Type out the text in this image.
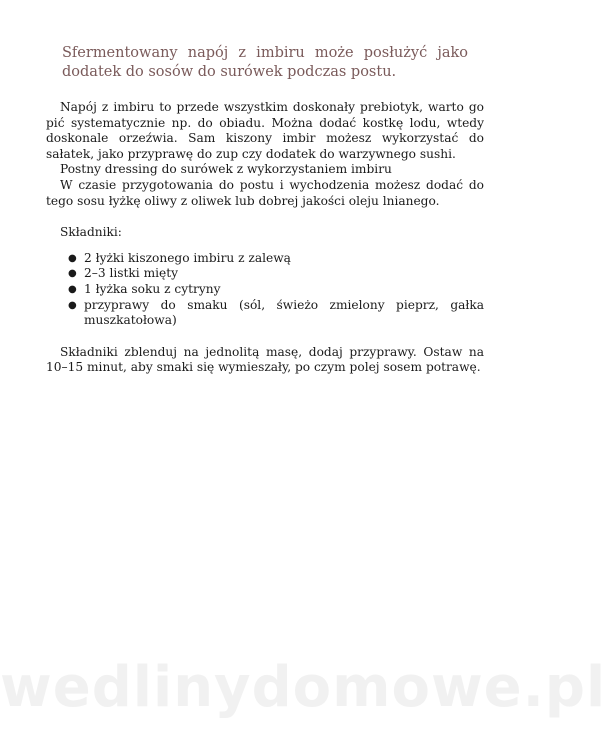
Sfermentowany napój z imbiru może posłużyć jako dodatek do sosów do surówek podczas postu.

Napój z imbiru to przede wszystkim doskonały prebiotyk, warto go pić systematycznie np. do obiadu. Można dodać kostkę lodu, wtedy doskonale orzeźwia. Sam kiszony imbir możesz wykorzystać do sałatek, jako przyprawę do zup czy dodatek do warzywnego sushi.

Postny dressing do surówek z wykorzystaniem imbiru

W czasie przygotowania do postu i wychodzenia możesz dodać do tego sosu łyżkę oliwy z oliwek lub dobrej jakości oleju lnianego.

Składniki:

● 2 łyżki kiszonego imbiru z zalewą
● 2–3 listki mięty
● 1 łyżka soku z cytryny
● przyprawy do smaku (sól, świeżo zmielony pieprz, gałka muszkatołowa)

Składniki zblenduj na jednolitą masę, dodaj przyprawy. Ostaw na 10–15 minut, aby smaki się wymieszały, po czym polej sosem potrawę.

wedlinydomowe.pl
